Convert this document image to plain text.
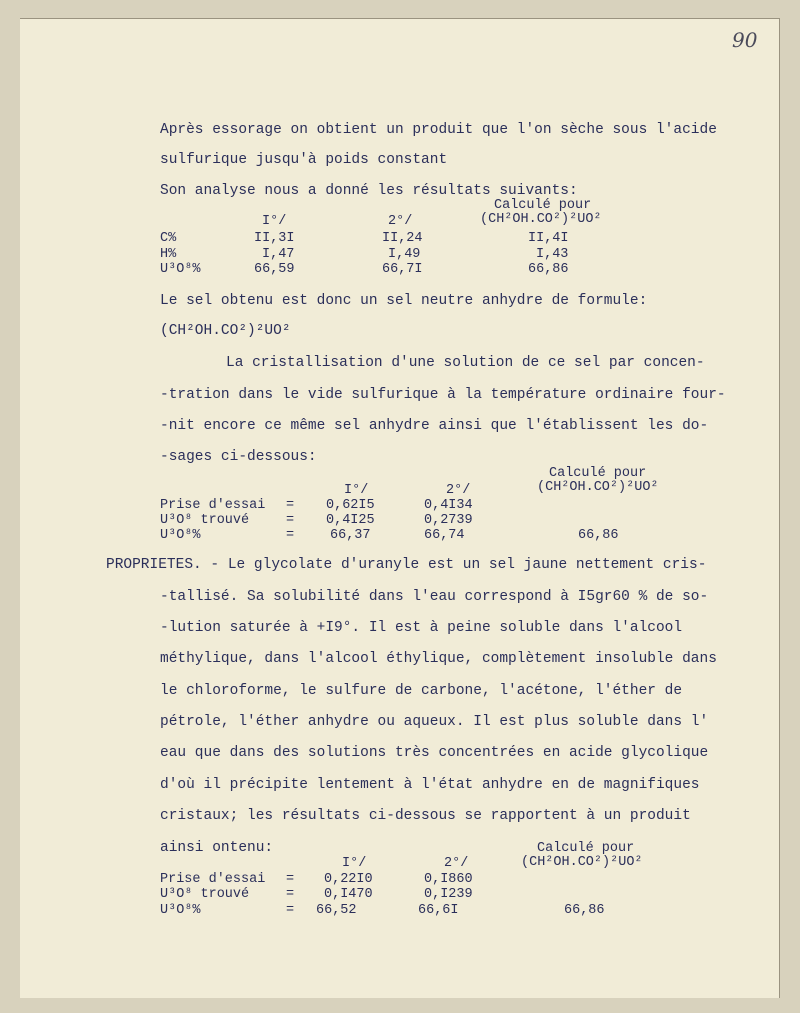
90
Après essorage on obtient un produit que l'on sèche sous l'acide
sulfurique jusqu'à poids constant
Son analyse nous a donné les résultats suivants:
Calculé pour
(CH²OH.CO²)²UO²
I°/	2°/
C%	II,3I	II,24	II,4I
H%	I,47	I,49	I,43
U³O⁸%	66,59	66,7I	66,86
Le sel obtenu est donc un sel neutre anhydre de formule:
(CH²OH.CO²)²UO²
La cristallisation d'une solution de ce sel par concen-
-tration dans le vide sulfurique à la température ordinaire four-
-nit encore ce même sel anhydre ainsi que l'établissent les do-
-sages ci-dessous:
Calculé pour
(CH²OH.CO²)²UO²
I°/	2°/
Prise d'essai = 0,62I5	0,4I34
U³O⁸ trouvé	= 0,4I25	0,2739
U³O⁸%	=	66,37	66,74	66,86
PROPRIETES. - Le glycolate d'uranyle est un sel jaune nettement cris-
-tallisé. Sa solubilité dans l'eau correspond à I5gr60 % de so-
-lution saturée à +I9°. Il est à peine soluble dans l'alcool
méthylique, dans l'alcool éthylique, complètement insoluble dans
le chloroforme, le sulfure de carbone, l'acétone, l'éther de
pétrole, l'éther anhydre ou aqueux. Il est plus soluble dans l'
eau que dans des solutions très concentrées en acide glycolique
d'où il précipite lentement à l'état anhydre en de magnifiques
cristaux; les résultats ci-dessous se rapportent à un produit
ainsi ontenu:	Calculé pour
(CH²OH.CO²)²UO²
I°/	2°/
Prise d'essai = 0,22I0	0,I860
U³O⁸ trouvé	= 0,I470	0,I239
U³O⁸%	= 66,52	66,6I	66,86
